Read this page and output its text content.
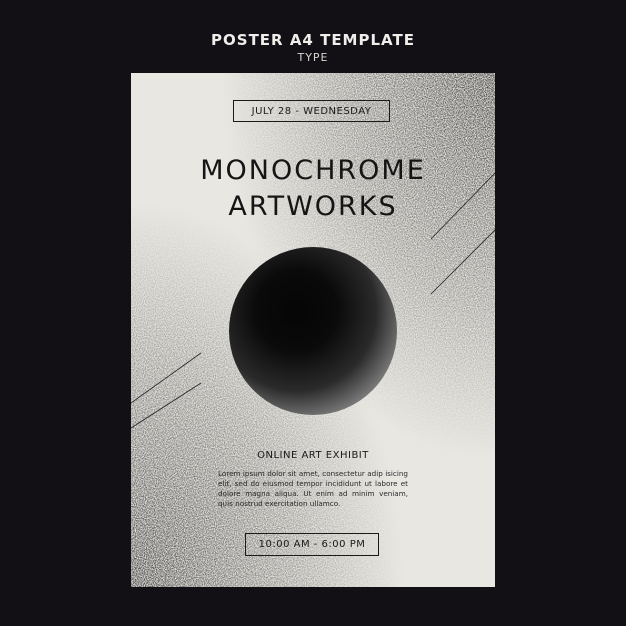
POSTER A4 TEMPLATE
TYPE
JULY 28 - WEDNESDAY
MONOCHROME
ARTWORKS
ONLINE ART EXHIBIT
Lorem ipsum dolor sit amet, consectetur adip isicing elit, sed do eiusmod tempor incididunt ut labore et dolore magna aliqua. Ut enim ad minim veniam, quis nostrud exercitation ullamco.
10:00 AM - 6:00 PM
